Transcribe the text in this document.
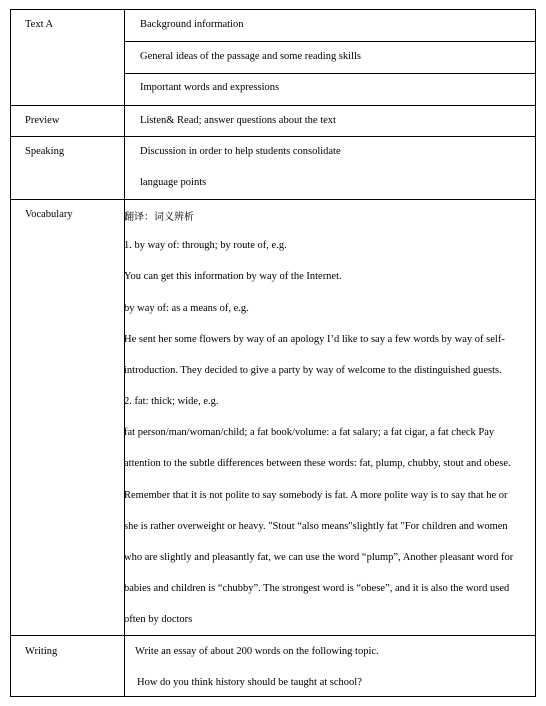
Text A	Background information
General ideas of the passage and some reading skills
Important words and expressions
Preview	Listen& Read; answer questions about the text
Speaking	Discussion in order to help students consolidate
language points
Vocabulary	翻译：词义辨析
1. by way of: through; by route of, e.g.
You can get this information by way of the Internet.
by way of: as a means of, e.g.
He sent her some flowers by way of an apology I’d like to say a few words by way of self-
introduction. They decided to give a party by way of welcome to the distinguished guests.
2. fat: thick; wide, e.g.
fat person/man/woman/child; a fat book/volume: a fat salary; a fat cigar, a fat check Pay
attention to the subtle differences between these words: fat, plump, chubby, stout and obese.
Remember that it is not polite to say somebody is fat. A more polite way is to say that he or
she is rather overweight or heavy. "Stout “also means"slightly fat "For children and women
who are slightly and pleasantly fat, we can use the word “plump”, Another pleasant word for
babies and children is “chubby”. The strongest word is “obese”, and it is also the word used
often by doctors
Writing	Write an essay of about 200 words on the following topic.
How do you think history should be taught at school?
